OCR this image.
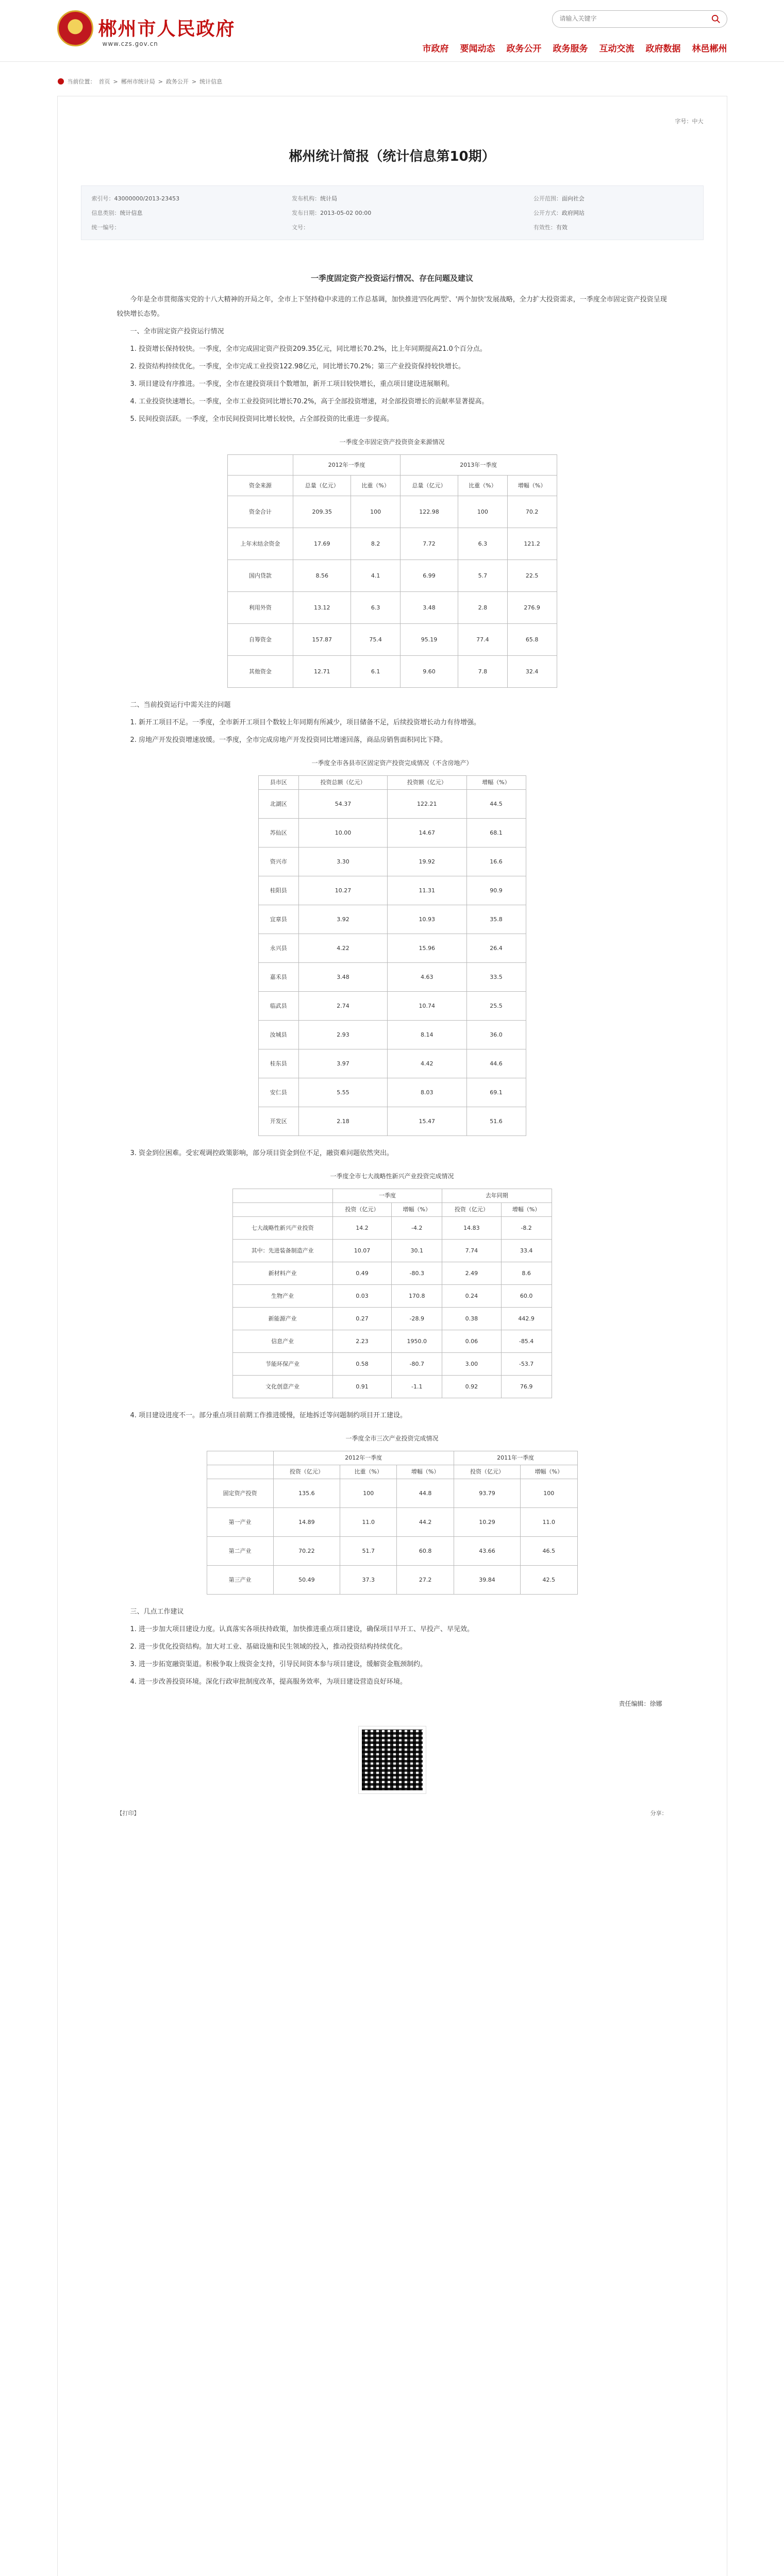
郴州市人民政府
www.czs.gov.cn
请输入关键字	市政府 要闻动态 政务公开 政务服务 互动交流 政府数据 林邑郴州
当前位置： 首页 > 郴州市统计局 > 政务公开 > 统计信息
字号：中大
郴州统计简报（统计信息第10期）
索引号：43000000/2013-23453	发布机构：统计局	公开范围：面向社会
信息类别：统计信息	发布日期：2013-05-02 00:00	公开方式：政府网站
统一编号：	文号：	有效性：有效
一季度固定资产投资运行情况、存在问题及建议

今年是全市贯彻落实党的十八大精神的开局之年，全市上下坚持稳中求进的工作总基调，加快推进'四化两型'、'两个加快'发展战略，全力扩大投资需求，一季度全市固定资产投资呈现较快增长态势。

一、全市固定资产投资运行情况

1. 投资增长保持较快。一季度，全市完成固定资产投资209.35亿元，同比增长70.2%，比上年同期提高21.0个百分点。

2. 投资结构持续优化。一季度，全市完成工业投资122.98亿元，同比增长70.2%；第三产业投资保持较快增长。

3. 项目建设有序推进。一季度，全市在建投资项目个数增加，新开工项目较快增长，重点项目建设进展顺利。

4. 工业投资快速增长。一季度，全市工业投资同比增长70.2%，高于全部投资增速，对全部投资增长的贡献率显著提高。

5. 民间投资活跃。一季度，全市民间投资同比增长较快，占全部投资的比重进一步提高。

一季度全市固定资产投资资金来源情况
	2012年一季度		2013年一季度		
资金来源	总量（亿元）	比重（%）	总量（亿元）	比重（%）	增幅（%）
资金合计	209.35	100	122.98	100	70.2
上年末结余资金	17.69	8.2	7.72	6.3	121.2
国内贷款	8.56	4.1	6.99	5.7	22.5
利用外资	13.12	6.3	3.48	2.8	276.9
自筹资金	157.87	75.4	95.19	77.4	65.8
其他资金	12.71	6.1	9.60	7.8	32.4

二、当前投资运行中需关注的问题

1. 新开工项目不足。一季度，全市新开工项目个数较上年同期有所减少，项目储备不足，后续投资增长动力有待增强。

2. 房地产开发投资增速放缓。一季度，全市完成房地产开发投资同比增速回落，商品房销售面积同比下降。

一季度全市各县市区固定资产投资完成情况（不含房地产）
县市区	投资总额（亿元）	投资额（亿元）	增幅（%）
北湖区	54.37	122.21	44.5
苏仙区	10.00	14.67	68.1
资兴市	3.30	19.92	16.6
桂阳县	10.27	11.31	90.9
宜章县	3.92	10.93	35.8
永兴县	4.22	15.96	26.4
嘉禾县	3.48	4.63	33.5
临武县	2.74	10.74	25.5
汝城县	2.93	8.14	36.0
桂东县	3.97	4.42	44.6
安仁县	5.55	8.03	69.1
开发区	2.18	15.47	51.6

3. 资金到位困难。受宏观调控政策影响，部分项目资金到位不足，融资难问题依然突出。

一季度全市七大战略性新兴产业投资完成情况
	一季度		去年同期	
	投资（亿元）	增幅（%）	投资（亿元）	增幅（%）
七大战略性新兴产业投资	14.2	-4.2	14.83	-8.2
其中：先进装备制造产业	10.07	30.1	7.74	33.4
新材料产业	0.49	-80.3	2.49	8.6
生物产业	0.03	170.8	0.24	60.0
新能源产业	0.27	-28.9	0.38	442.9
信息产业	2.23	1950.0	0.06	-85.4
节能环保产业	0.58	-80.7	3.00	-53.7
文化创意产业	0.91	-1.1	0.92	76.9

4. 项目建设进度不一。部分重点项目前期工作推进缓慢，征地拆迁等问题制约项目开工建设。

一季度全市三次产业投资完成情况
	2012年一季度			2011年一季度	
	投资（亿元）	比重（%）	增幅（%）	投资（亿元）	增幅（%）
固定资产投资	135.6	100	44.8	93.79	100
第一产业	14.89	11.0	44.2	10.29	11.0
第二产业	70.22	51.7	60.8	43.66	46.5
第三产业	50.49	37.3	27.2	39.84	42.5

三、几点工作建议

1. 进一步加大项目建设力度。认真落实各项扶持政策，加快推进重点项目建设，确保项目早开工、早投产、早见效。

2. 进一步优化投资结构。加大对工业、基础设施和民生领域的投入，推动投资结构持续优化。

3. 进一步拓宽融资渠道。积极争取上级资金支持，引导民间资本参与项目建设，缓解资金瓶颈制约。

4. 进一步改善投资环境。深化行政审批制度改革，提高服务效率，为项目建设营造良好环境。

责任编辑：徐娜
【打印】	分享：
